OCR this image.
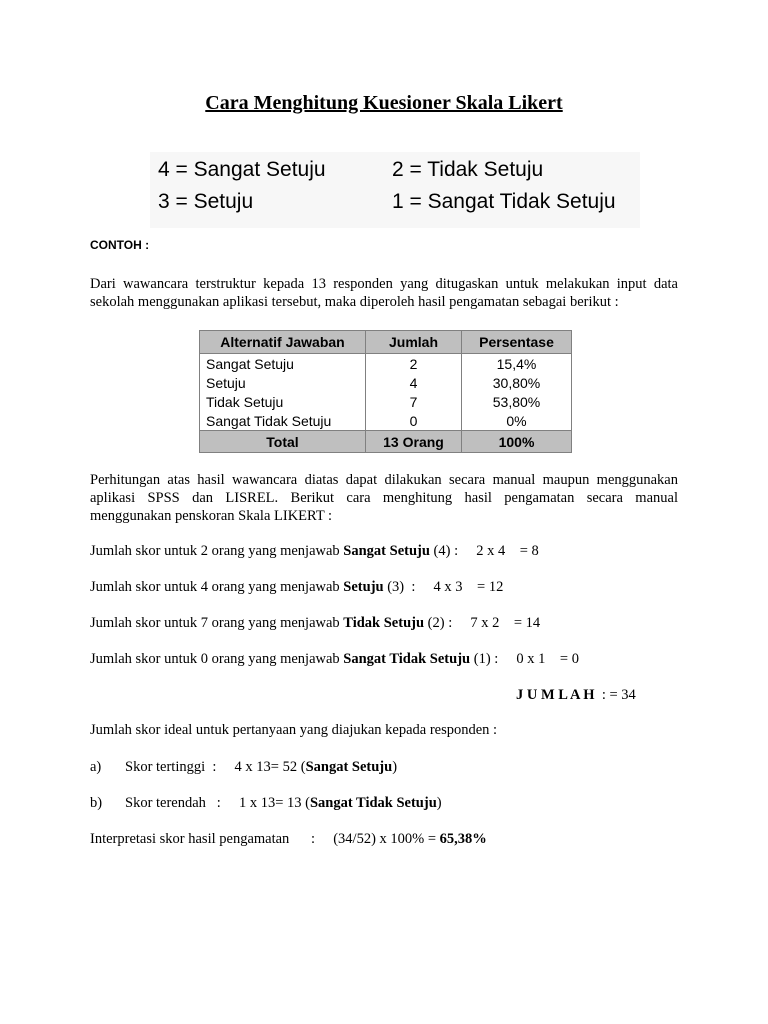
Cara Menghitung Kuesioner Skala Likert
4 = Sangat Setuju
3 = Setuju
2 = Tidak Setuju
1 = Sangat Tidak Setuju
CONTOH :
Dari wawancara terstruktur kepada 13 responden yang ditugaskan untuk melakukan input data
sekolah menggunakan aplikasi tersebut, maka diperoleh hasil pengamatan sebagai berikut :
Alternatif Jawaban	Jumlah	Persentase
Sangat Setuju	2	15,4%
Setuju	4	30,80%
Tidak Setuju	7	53,80%
Sangat Tidak Setuju	0	0%
Total	13 Orang	100%
Perhitungan atas hasil wawancara diatas dapat dilakukan secara manual maupun menggunakan
aplikasi SPSS dan LISREL. Berikut cara menghitung hasil pengamatan secara manual
menggunakan penskoran Skala LIKERT :
Jumlah skor untuk 2 orang yang menjawab Sangat Setuju (4) :     2 x 4    = 8
Jumlah skor untuk 4 orang yang menjawab Setuju (3)  :     4 x 3    = 12
Jumlah skor untuk 7 orang yang menjawab Tidak Setuju (2) :     7 x 2    = 14
Jumlah skor untuk 0 orang yang menjawab Sangat Tidak Setuju (1) :     0 x 1    = 0
J U M L A H  : = 34
Jumlah skor ideal untuk pertanyaan yang diajukan kepada responden :
a) Skor tertinggi  :     4 x 13= 52 (Sangat Setuju)
b) Skor terendah   :     1 x 13= 13 (Sangat Tidak Setuju)
Interpretasi skor hasil pengamatan      :     (34/52) x 100% = 65,38%
